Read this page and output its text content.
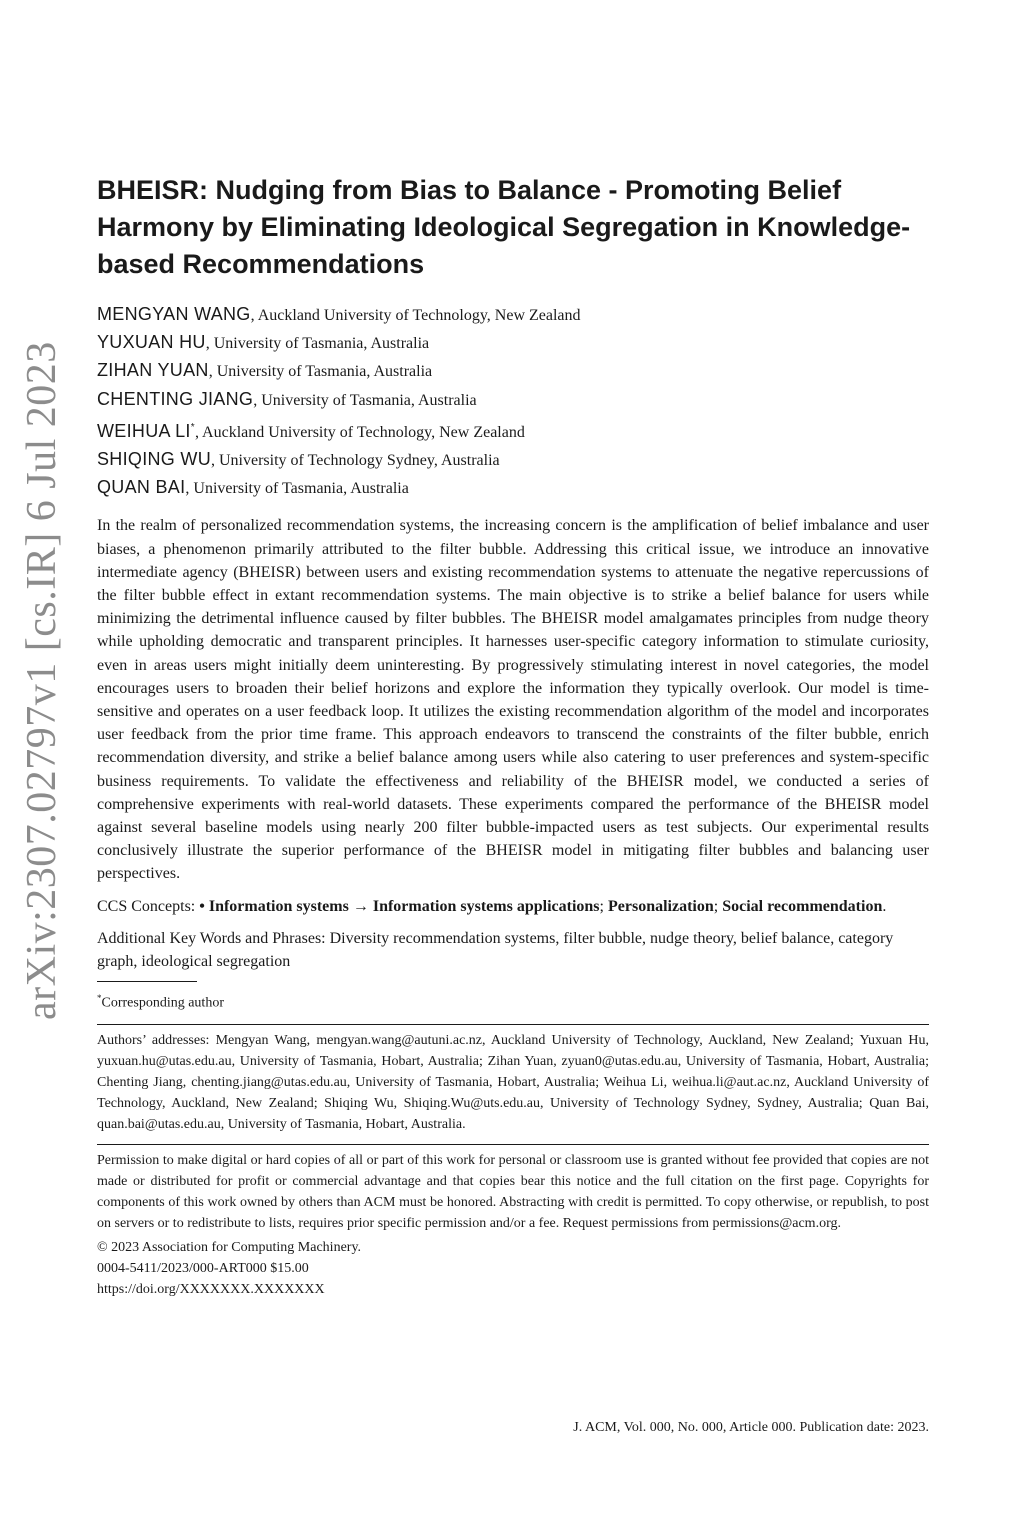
arXiv:2307.02797v1 [cs.IR] 6 Jul 2023
BHEISR: Nudging from Bias to Balance - Promoting Belief Harmony by Eliminating Ideological Segregation in Knowledge-based Recommendations
MENGYAN WANG, Auckland University of Technology, New Zealand
YUXUAN HU, University of Tasmania, Australia
ZIHAN YUAN, University of Tasmania, Australia
CHENTING JIANG, University of Tasmania, Australia
WEIHUA LI*, Auckland University of Technology, New Zealand
SHIQING WU, University of Technology Sydney, Australia
QUAN BAI, University of Tasmania, Australia

In the realm of personalized recommendation systems, the increasing concern is the amplification of belief imbalance and user biases, a phenomenon primarily attributed to the filter bubble. Addressing this critical issue, we introduce an innovative intermediate agency (BHEISR) between users and existing recommendation systems to attenuate the negative repercussions of the filter bubble effect in extant recommendation systems. The main objective is to strike a belief balance for users while minimizing the detrimental influence caused by filter bubbles. The BHEISR model amalgamates principles from nudge theory while upholding democratic and transparent principles. It harnesses user-specific category information to stimulate curiosity, even in areas users might initially deem uninteresting. By progressively stimulating interest in novel categories, the model encourages users to broaden their belief horizons and explore the information they typically overlook. Our model is time-sensitive and operates on a user feedback loop. It utilizes the existing recommendation algorithm of the model and incorporates user feedback from the prior time frame. This approach endeavors to transcend the constraints of the filter bubble, enrich recommendation diversity, and strike a belief balance among users while also catering to user preferences and system-specific business requirements. To validate the effectiveness and reliability of the BHEISR model, we conducted a series of comprehensive experiments with real-world datasets. These experiments compared the performance of the BHEISR model against several baseline models using nearly 200 filter bubble-impacted users as test subjects. Our experimental results conclusively illustrate the superior performance of the BHEISR model in mitigating filter bubbles and balancing user perspectives.

CCS Concepts: • Information systems → Information systems applications; Personalization; Social recommendation.

Additional Key Words and Phrases: Diversity recommendation systems, filter bubble, nudge theory, belief balance, category graph, ideological segregation

*Corresponding author

Authors’ addresses: Mengyan Wang, mengyan.wang@autuni.ac.nz, Auckland University of Technology, Auckland, New Zealand; Yuxuan Hu, yuxuan.hu@utas.edu.au, University of Tasmania, Hobart, Australia; Zihan Yuan, zyuan0@utas.edu.au, University of Tasmania, Hobart, Australia; Chenting Jiang, chenting.jiang@utas.edu.au, University of Tasmania, Hobart, Australia; Weihua Li, weihua.li@aut.ac.nz, Auckland University of Technology, Auckland, New Zealand; Shiqing Wu, Shiqing.Wu@uts.edu.au, University of Technology Sydney, Sydney, Australia; Quan Bai, quan.bai@utas.edu.au, University of Tasmania, Hobart, Australia.

Permission to make digital or hard copies of all or part of this work for personal or classroom use is granted without fee provided that copies are not made or distributed for profit or commercial advantage and that copies bear this notice and the full citation on the first page. Copyrights for components of this work owned by others than ACM must be honored. Abstracting with credit is permitted. To copy otherwise, or republish, to post on servers or to redistribute to lists, requires prior specific permission and/or a fee. Request permissions from permissions@acm.org.

© 2023 Association for Computing Machinery.
0004-5411/2023/000-ART000 $15.00
https://doi.org/XXXXXXX.XXXXXXX
J. ACM, Vol. 000, No. 000, Article 000. Publication date: 2023.
